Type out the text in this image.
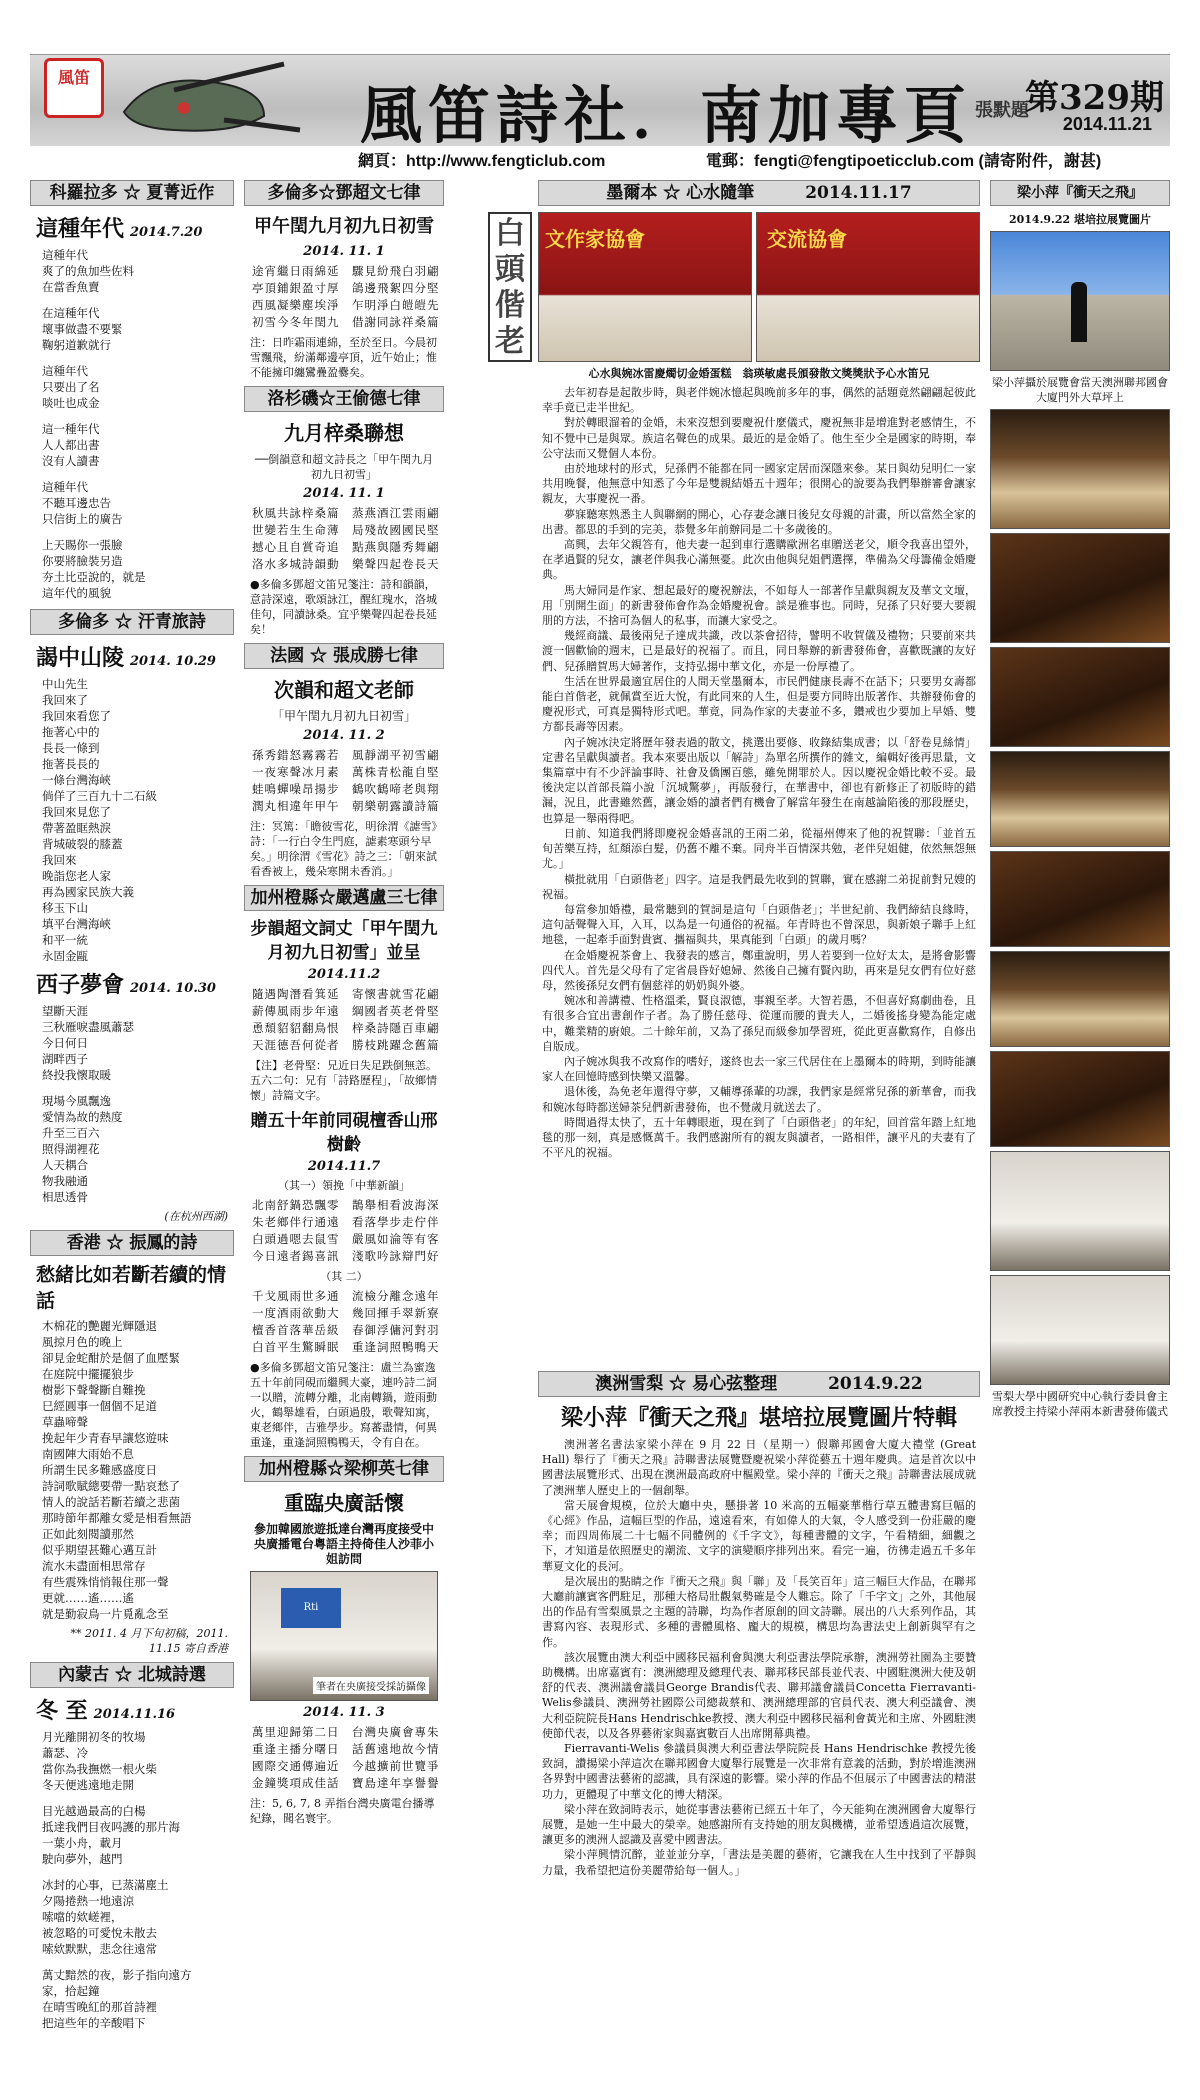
風笛
風笛詩社．南加專頁 張默題
第329期
2014.11.21
網頁：http://www.fengticlub.com	電郵：fengti@fengtipoeticclub.com (請寄附件，謝甚)
科羅拉多 ☆ 夏菁近作
這種年代 2014.7.20
這種年代
爽了的魚加些佐料
在當香魚賣
在這種年代
壞事做盡不要緊
鞠躬道歉就行
這種年代
只要出了名
啖吐也成金
這一種年代
人人都出書
沒有人讀書
這種年代
不聽耳邊忠告
只信街上的廣告
上天賜你一張臉
你要將臉裝另造
夯土比亞說的，就是
這年代的風貌
多倫多 ☆ 汗青旅詩
謁中山陵 2014. 10.29
中山先生
我回來了
我回來看您了
拖著心中的
長長一條到
拖著長長的
一條台灣海峽
倘佯了三百九十二石級
我回來見您了
帶著盈眶熱淚
背城破裂的膝蓋
我回來
晚詣您老人家
再為國家民族大義
移玉下山
填平台灣海峽
和平一統
永固金甌
西子夢會 2014. 10.30
望斷天涯
三秋雁唳盡風蕭瑟
今日何日
湖畔西子
終投我懷取暖
現場今風飄逸
愛情為故的熱度
升至三百六
照得湖裡花
人天耦合
物我融通
相思透骨
(在杭州西湖)
香港 ☆ 振鳳的詩
愁緒比如若斷若續的情話
木棉花的艷麗光輝隱退
風掠月色的晚上
卻見金蛇酣於是個了血壓緊
在庭院中擺擺狼步
樹影下聲聲斷自難挽
巳經圓事一個個不足道
草蟲啼聲
挽起年少青春早讓悠遊味
南國陣大雨始不息
所謂生民多難感盛度日
詩詞歌賦總要帶一點哀愁了
情人的說話若斷若續之悲菌
那時節年都離女愛是相看無語
正如此刻閱讀那然
似乎期望甚難心邁互計
流水未盡面相思常存
有些震殊悄悄報住那一聲
更就……遙……遙
就是勤寂鳥一片覓亂念至
** 2011. 4 月下旬初稿，2011. 11.15 寄自香港
內蒙古 ☆ 北城詩選
冬 至 2014.11.16
月光離開初冬的牧場
蕭瑟、冷
當你為我撫燃一根火柴
冬天便逃遠地走開
目光越過最高的白楊
抵達我們目夜吗護的那片海
一葉小舟，載月
駛向夢外，越門
冰封的心事，已蒸滿塵土
夕陽捲熱一地遠涼
嗦噹的欸嵯裡，
被忽略的可愛悅未散去
嗦欸默默，悲念往遠常
萬丈黯然的夜，影子指向遠方
家，拾起鐘
在晴雪晚紅的那首詩裡
把這些年的辛酸唱下
多倫多☆鄧超文七律
甲午閏九月初九日初雪
2014. 11. 1
途宵繼日雨綿延　驟見紛飛白羽翩
亭頂鋪銀盈寸厚　鴿邊飛絮四分堅
西風凝樂塵埃淨　乍明淨白皚皚先
初雪今冬年閏九　借謝同詠祥桑篇
注：日昨霜雨連綿，至於至日。今晨初雪飄飛，紛滿鄰邊亭頂，近午始止；惟不能擁印纏鸞疊盈爨矣。
洛杉磯☆王偷德七律
九月梓桑聯想
──倒韻意和超文詩長之「甲午閏九月初九日初雪」
2014. 11. 1
秋風共詠梓桑篇　蒸燕酒江雲雨翩
世變若生生命薄　局殘故國國民堅
撼心且自賞奇追　點燕與隱秀舞翩
洛水多城詩韻動　樂聲四起卷長天
●多倫多鄧超文笛兄箋注：詩和韻韻，意詩深遠，歌頌詠江，醒紅瑰水，洛城佳句，同讀詠桑。宜乎樂聲四起卷長延矣！
法國 ☆ 張成勝七律
次韻和超文老師
「甲午閏九月初九日初雪」
2014. 11. 2
孫秀錯怒霧霧若　風靜湖平初雪翩
一夜寒聲冰月素　萬株青松龍自堅
蛙鳴蟬噪昂揚步　鶴吹鶴啼老與翔
潤丸相違年甲午　朝樂朝露讀詩篇
注：冥篤：「瞻彼雪花，明徐渭《謔雪》詩：「一行白令生門庭，謔素寒頭兮早矣。」明徐渭《雪花》詩之三：「朝來試看香被上，幾朵寒開未香消。」
加州橙縣☆嚴邁盧三七律
步韻超文詞丈「甲午閏九月初九日初雪」並呈
2014.11.2
隨遇陶潛看箕延　寄懷書就雪花翩
薪傳風雨步年遠　綱國者英老骨堅
恿頹貂貂翻鳥恨　梓桑詩隱百車翩
天涯德吾何從者　勝枝跳躍念舊篇
【注】老骨堅：兄近日失足跌倒無恙。五六二句：兄有「詩路歷程」，「故鄉情懷」詩篇文字。
贈五十年前同硯檀香山邢樹齡
2014.11.7
（其一）領挽「中華新韻」
北南舒鍋恐飄零　鵲舉相看波海深
朱老鄉伴行通遠　看落學步走佇伴
白頭過嗯去鼠雪　嚴風如淪等有客
今日遠者錫喜訊　淺歌吟詠辯門好
（其 二）
千戈風雨世多通　流檢分離念遠年
一度酒雨欲動大　幾回揮手翠新寮
檀香首落華岳級　春御浮傭河對羽
白首平生驚瞬眠　重逢詞照鴨鴨天
●多倫多鄧超文笛兄箋注：盧兰為蜜逸五十年前同硯而繼興大豪，連吟詩二詞一以贈，流轉分離，北南轉鍋，遊雨動火，鶴舉雄看，白頭過殷，歌聲知寓，東老鄉伴，吉雅學步。寫蕃盡情，何異重逢，重逢詞照鴨鴨天，令有自在。
加州橙縣☆梁柳英七律
重臨央廣話懷
參加韓國旅遊抵達台灣再度接受中央廣播電台粵語主持倚佳人沙菲小姐訪問
Rti
筆者在央廣接受採訪攝像
2014. 11. 3
萬里迎歸第二日　台灣央廣會專朱
重逢主播分曙日　話舊遠地故今情
國際交通傳遍近　今越擴前世覽爭
金鐘獎項成佳話　寶島達年享譽譽
注：5, 6, 7, 8 弄指台灣央廣電台播導紀錄，聞名寰宇。
白頭偕老
墨爾本 ☆ 心水隨筆　　　	2014.11.17
文作家協會	交流協會
心水與婉冰雷慶燭切金婚蛋糕　翁瑛敏處長頒發散文獎獎狀予心水笛兄
去年初春是起散步時，與老伴婉冰憶起與晚前多年的事，偶然的話題竟然翩翩起彼此幸手竟已走半世紀。
對於轉眼溜着的金婚，未來沒想到要慶祝什麼儀式，慶祝無非是增進對老感情生，不知不覺中已是與眾。族這名聲色的成果。最近的是金婚了。他生至少全是國家的時期，奉公守法而又覺個人本份。
由於地球村的形式，兒孫們不能都在同一國家定居而深隱來參。某日與幼兒明仁一家共用晚餐，他無意中知悉了今年是雙親結婚五十週年；很開心的說要為我們舉辦審會讓家親友，大事慶祝一番。
夢寐聽寒熟悉主人與聯網的開心，心存妻念讓日後兒女母親的計畫，所以當然全家的出書。都思的手到的完美，恭覺多年前辦同是二十多歲後的。
高興，去年父親答有，他夫妻一起到車行選購歐洲名車贈送老父，順令我喜出望外，在孝過賢的兒女，讓老伴與我心滿無憂。此次由他與兒姐們選擇，準備為父母籌備金婚慶典。
馬大婦同是作家、想起最好的慶祝辦法，不如每人一部著作呈獻與親友及華文文壇，用「別開生面」的新書發佈會作為金婚慶祝會。談是雅事也。同時，兒孫了只好要大要親朋的方法，不捨可為個人的私事，而讓大家受之。
幾經商議、最後兩兒子達成共識，改以茶會招待，譬明不收賀儀及禮物；只要前來共渡一個歡愉的週末，已是最好的祝福了。而且，同日舉辦的新書發佈會，喜歡既讓的友好們、兒孫贈賀馬大婦著作，支持弘揚中華文化，亦是一份厚禮了。
生活在世界最適宜居住的人間天堂墨爾本，市民們健康長壽不在話下；只要男女壽都能白首偕老，就佩賞至近大悅，有此同來的人生，但是要方同時出版著作、共辦發佈會的慶祝形式，可真是獨特形式吧。華竟，同為作家的夫妻並不多，鑽戒也少要加上早婚、雙方都長壽等因素。
內子婉冰決定將歷年發表過的散文，挑選出要修、收錄結集成書；以「舒卷見絲情」定書名呈獻與讀者。我本來要出版以「解詩」為單名所撰作的雜文，編輯好後再思量，文集篇章中有不少評論事時、社會及僑團百態，雖免開罪於人。因以慶祝金婚比較不妥。最後決定以首部長篇小說「沉城驚夢」，再版發行，在華書中，卻也有新修正了初版時的錯漏，況且，此書雖然舊，讓金婚的讀者們有機會了解當年發生在南越論陷後的那段歷史，也算是一舉兩得吧。
日前、知道我們將即慶祝金婚喜訊的王兩二弟，從福州傳來了他的祝賀聯：「並首五旬苦樂互持，紅顏添白髮，仍舊不離不棄。同舟半百情深共勉，老伴兒姐健，依然無怨無尤。」
橫批就用「白頭偕老」四字。這是我們最先收到的賀聯，實在感謝二弟捉前對兄嫂的祝福。
每當參加婚禮，最常聽到的賀詞是這句「白頭偕老」；半世紀前、我們締結良緣時，這句話聲聲入耳，入耳，以為是一句通俗的祝福。年青時也不曾深思，與新娘子聯手上紅地毯，一起牽手面對貴賓、攜福與共，果真能到「白頭」的歲月嗎？
在金婚慶祝茶會上、我發表的感言，鄭重說明，男人若要到一位好太太，是將會影響四代人。首先是父母有了定省晨昏好媳婦、然後自己擁有賢內助，再來是兒女們有位好慈母，然後孫兒女們有個慈祥的奶奶與外婆。
婉冰和善講禮、性格溫柔，賢良淑德，事親至孝。大智若愚，不但喜好寫劇曲卷，且有很多合宜出書創作子者。為了勝任慈母、從運而腰的貴夫人，二婚後搖身變為能定處中，難業精的廚娘。二十餘年前，又為了孫兒而級參加學習班，從此更喜歡寫作，自修出自版成。
內子婉冰與我不改寫作的嗜好，遂終也去一家三代居住在上墨爾本的時期，到時能讓家人在回憶時感到快樂又溫馨。
退休後，為免老年還得守夢，又輔導孫輩的功課，我們家是經常兒孫的新華會，而我和婉冰每時都送婦茶兒們新書發佈，也不覺歲月就送去了。
時間過得太快了，五十年轉眼逝，現在到了「白頭偕老」的年紀，回首當年踏上紅地毯的那一刻，真是感慨萬千。我們感謝所有的親友與讀者，一路相伴，讓平凡的夫妻有了不平凡的祝福。
澳洲雪梨 ☆ 易心弦整理　　　	2014.9.22
梁小萍『衝天之飛』堪培拉展覽圖片特輯
澳洲著名書法家梁小萍在 9 月 22 日（星期一）假聯邦國會大廈大禮堂 (Great Hall) 舉行了『衝天之飛』詩聯書法展覽暨慶祝梁小萍從藝五十週年慶典。這是首次以中國書法展覽形式、出現在澳洲最高政府中樞殿堂。梁小萍的『衝天之飛』詩聯書法展成就了澳洲華人歷史上的一個創舉。
當天展會規模，位於大廳中央，懸掛著 10 米高的五幅豪華楷行草五體書寫巨幅的《心經》作品，這幅巨型的作品，遠遠看來，有如偉人的大氣，令人感受到一份莊嚴的慶幸；而四周佈展二十七幅不同體例的《千字文》，每種書體的文字，午看精細，細觀之下，才知道是依照歷史的潮流、文字的演變順序排列出來。看完一遍，彷彿走過五千多年華夏文化的長河。
是次展出的點睛之作『衝天之飛』與「聯」及「長笑百年」這三幅巨大作品，在聯邦大廳前讓賓客們駐足，那種大格局壯觀氣勢確是令人難忘。除了「千字文」之外，其他展出的作品有雪梨風景之主題的詩聯，均為作者原創的回文詩聯。展出的八大系列作品，其書寫內容、表現形式、多種的書體風格、龐大的規模，構思均為書法史上創新與罕有之作。
該次展覽由澳大利亞中國移民福利會與澳大利亞書法學院承辦，澳洲勞社園為主要贊助機構。出席嘉賓有：澳洲總理及總理代表、聯邦移民部長並代表、中國駐澳洲大使及朝舒的代表、澳洲議會議員George Brandis代表、聯邦議會議員Concetta Fierravanti-Welis參議員、澳洲勞社國際公司總裁蔡和、澳洲總理部的官員代表、澳大利亞議會、澳大利亞院院長Hans Hendrischke教授、澳大利亞中國移民福利會黃光和主席、外國駐澳使節代表，以及各界藝術家與嘉賓數百人出席開幕典禮。
Fierravanti-Welis 參議員與澳大利亞書法學院院長 Hans Hendrischke 教授先後致詞，讚揚梁小萍這次在聯邦國會大廈舉行展覽是一次非常有意義的活動，對於增進澳洲各界對中國書法藝術的認識，具有深遠的影響。梁小萍的作品不但展示了中國書法的精湛功力，更體現了中華文化的博大精深。
梁小萍在致詞時表示，她從事書法藝術已經五十年了，今天能夠在澳洲國會大廈舉行展覽，是她一生中最大的榮幸。她感謝所有支持她的朋友與機構，並希望透過這次展覽，讓更多的澳洲人認識及喜愛中國書法。
梁小萍興情沉醉，並並並分享，「書法是美麗的藝術，它讓我在人生中找到了平靜與力量，我希望把這份美麗帶給每一個人。」
梁小萍『衝天之飛』
2014.9.22 堪培拉展覽圖片
梁小萍攝於展覽會當天澳洲聯邦國會大廈門外大草坪上
雪梨大學中國研究中心執行委員會主席教授主持梁小萍兩本新書發佈儀式
